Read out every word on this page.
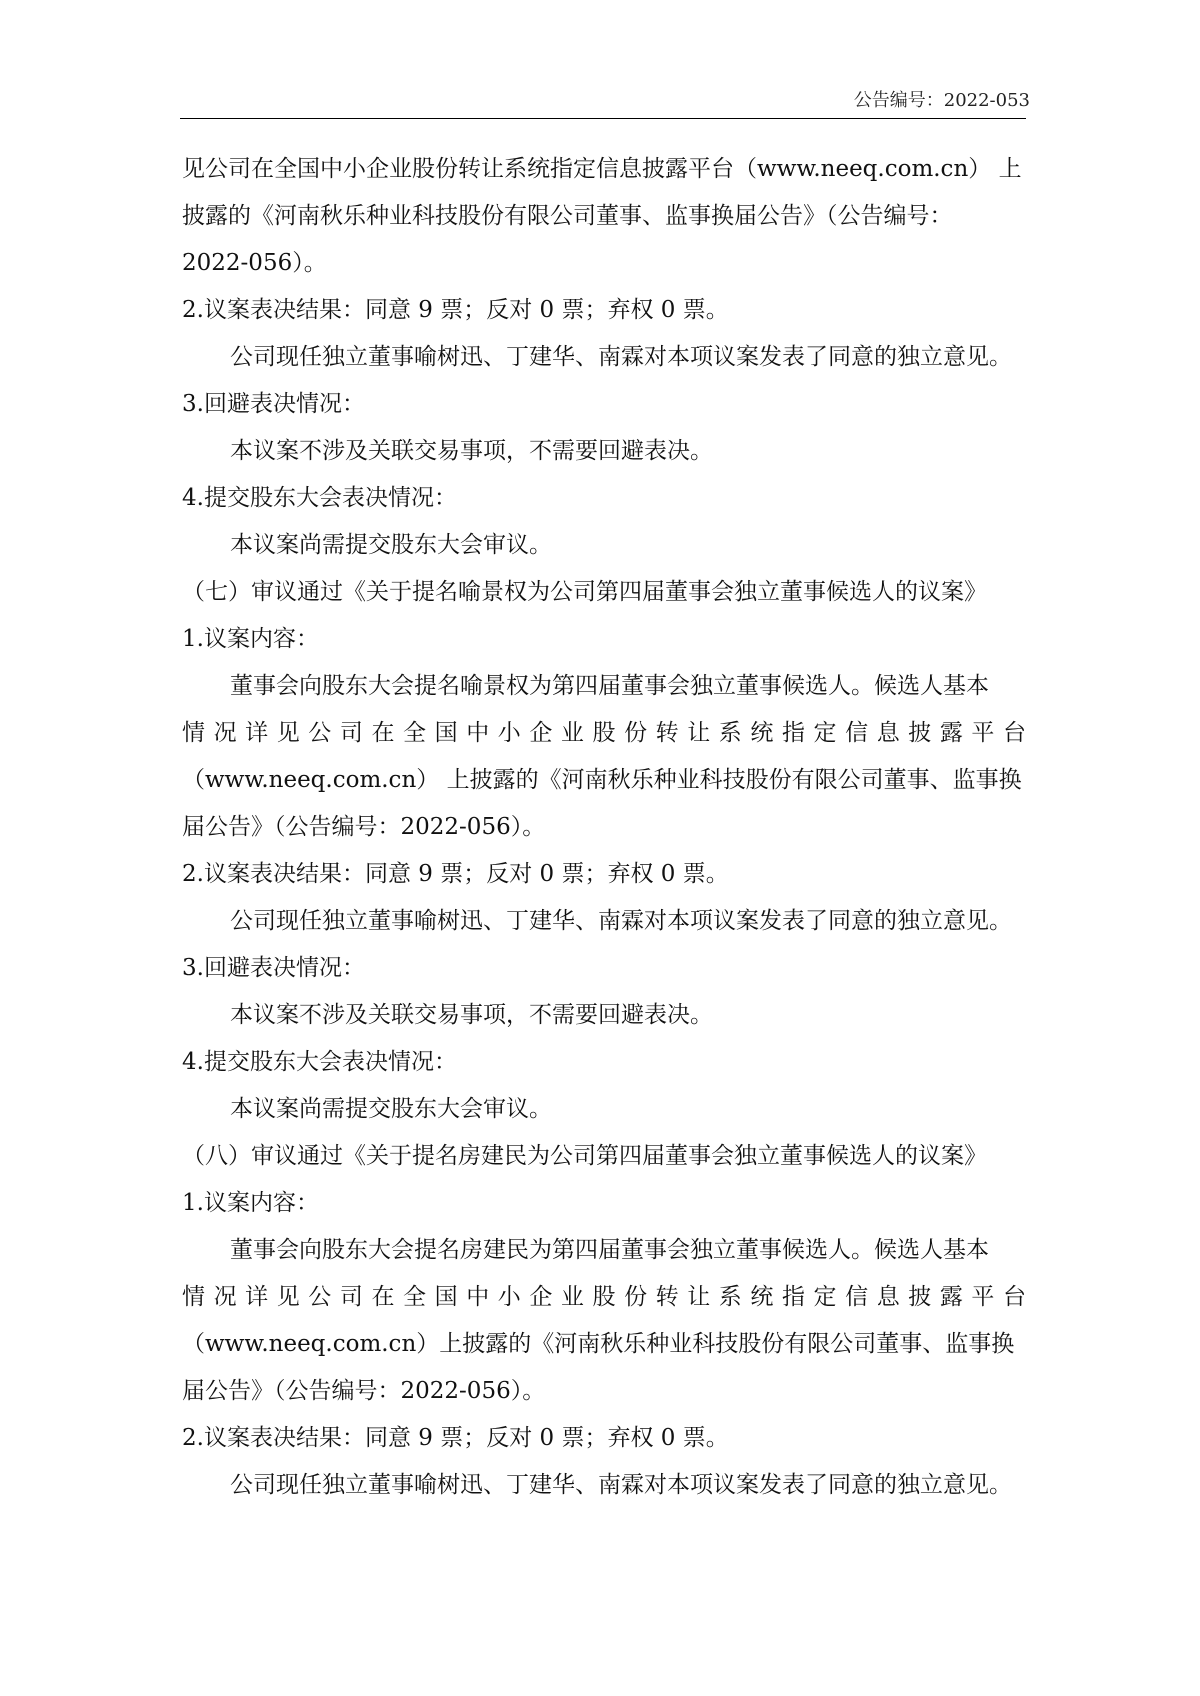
公告编号：2022-053
见公司在全国中小企业股份转让系统指定信息披露平台（www.neeq.com.cn） 上
披露的《河南秋乐种业科技股份有限公司董事、监事换届公告》（公告编号：
2022-056）。
2.议案表决结果：同意 9 票；反对 0 票；弃权 0 票。
公司现任独立董事喻树迅、丁建华、南霖对本项议案发表了同意的独立意见。
3.回避表决情况：
本议案不涉及关联交易事项，不需要回避表决。
4.提交股东大会表决情况：
本议案尚需提交股东大会审议。
（七）审议通过《关于提名喻景权为公司第四届董事会独立董事候选人的议案》
1.议案内容：
董事会向股东大会提名喻景权为第四届董事会独立董事候选人。候选人基本
情况详见公司在全国中小企业股份转让系统指定信息披露平台
（www.neeq.com.cn） 上披露的《河南秋乐种业科技股份有限公司董事、监事换
届公告》（公告编号：2022-056）。
2.议案表决结果：同意 9 票；反对 0 票；弃权 0 票。
公司现任独立董事喻树迅、丁建华、南霖对本项议案发表了同意的独立意见。
3.回避表决情况：
本议案不涉及关联交易事项，不需要回避表决。
4.提交股东大会表决情况：
本议案尚需提交股东大会审议。
（八）审议通过《关于提名房建民为公司第四届董事会独立董事候选人的议案》
1.议案内容：
董事会向股东大会提名房建民为第四届董事会独立董事候选人。候选人基本
情况详见公司在全国中小企业股份转让系统指定信息披露平台
（www.neeq.com.cn）上披露的《河南秋乐种业科技股份有限公司董事、监事换
届公告》（公告编号：2022-056）。
2.议案表决结果：同意 9 票；反对 0 票；弃权 0 票。
公司现任独立董事喻树迅、丁建华、南霖对本项议案发表了同意的独立意见。
